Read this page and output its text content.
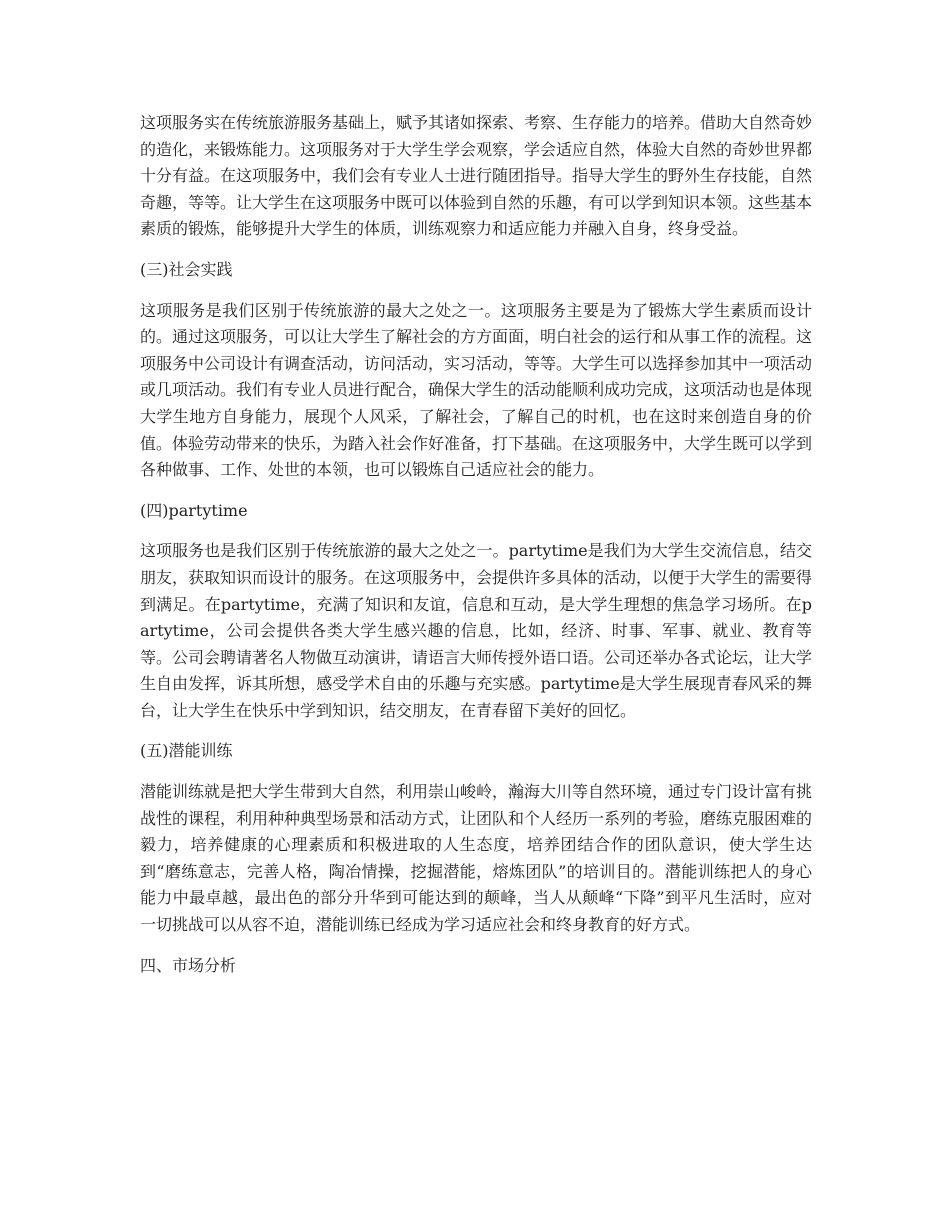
这项服务实在传统旅游服务基础上，赋予其诸如探索、考察、生存能力的培养。借助大自然奇妙的造化，来锻炼能力。这项服务对于大学生学会观察，学会适应自然，体验大自然的奇妙世界都十分有益。在这项服务中，我们会有专业人士进行随团指导。指导大学生的野外生存技能，自然奇趣，等等。让大学生在这项服务中既可以体验到自然的乐趣，有可以学到知识本领。这些基本素质的锻炼，能够提升大学生的体质，训练观察力和适应能力并融入自身，终身受益。

(三)社会实践

这项服务是我们区别于传统旅游的最大之处之一。这项服务主要是为了锻炼大学生素质而设计的。通过这项服务，可以让大学生了解社会的方方面面，明白社会的运行和从事工作的流程。这项服务中公司设计有调查活动，访问活动，实习活动，等等。大学生可以选择参加其中一项活动或几项活动。我们有专业人员进行配合，确保大学生的活动能顺利成功完成，这项活动也是体现大学生地方自身能力，展现个人风采，了解社会，了解自己的时机，也在这时来创造自身的价值。体验劳动带来的快乐，为踏入社会作好准备，打下基础。在这项服务中，大学生既可以学到各种做事、工作、处世的本领，也可以锻炼自己适应社会的能力。

(四)partytime

这项服务也是我们区别于传统旅游的最大之处之一。partytime是我们为大学生交流信息，结交朋友，获取知识而设计的服务。在这项服务中，会提供许多具体的活动，以便于大学生的需要得到满足。在partytime，充满了知识和友谊，信息和互动，是大学生理想的焦急学习场所。在partytime，公司会提供各类大学生感兴趣的信息，比如，经济、时事、军事、就业、教育等等。公司会聘请著名人物做互动演讲，请语言大师传授外语口语。公司还举办各式论坛，让大学生自由发挥，诉其所想，感受学术自由的乐趣与充实感。partytime是大学生展现青春风采的舞台，让大学生在快乐中学到知识，结交朋友，在青春留下美好的回忆。

(五)潜能训练

潜能训练就是把大学生带到大自然，利用崇山峻岭，瀚海大川等自然环境，通过专门设计富有挑战性的课程，利用种种典型场景和活动方式，让团队和个人经历一系列的考验，磨练克服困难的毅力，培养健康的心理素质和积极进取的人生态度，培养团结合作的团队意识，使大学生达到“磨练意志，完善人格，陶冶情操，挖掘潜能，熔炼团队”的培训目的。潜能训练把人的身心能力中最卓越，最出色的部分升华到可能达到的颠峰，当人从颠峰“下降”到平凡生活时，应对一切挑战可以从容不迫，潜能训练已经成为学习适应社会和终身教育的好方式。

四、市场分析
